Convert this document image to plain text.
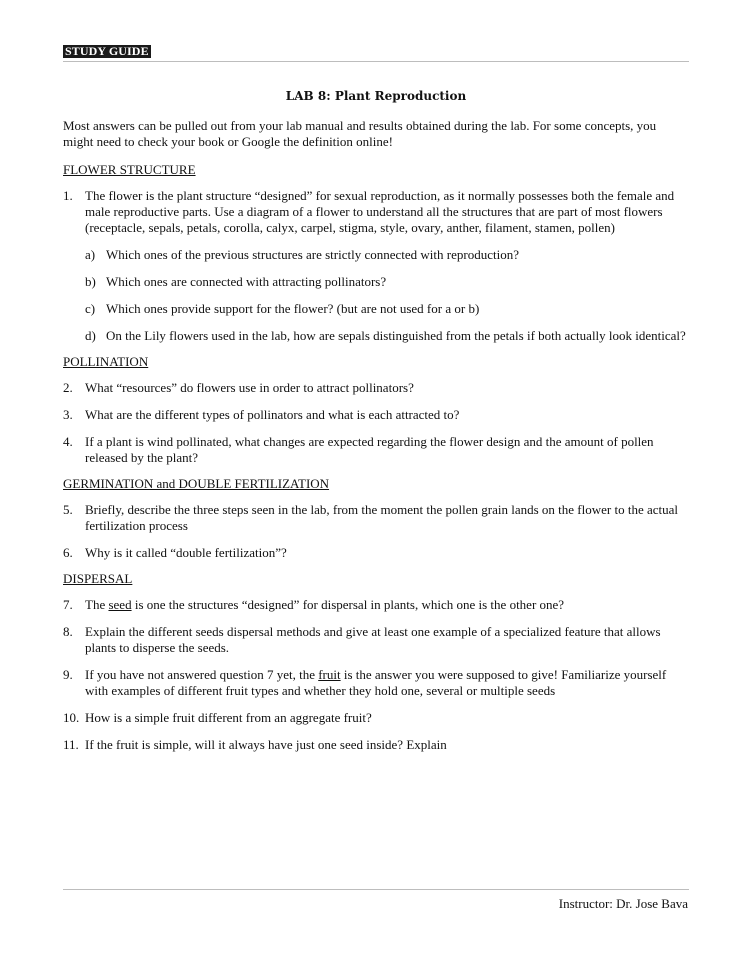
STUDY GUIDE
LAB 8: Plant Reproduction

Most answers can be pulled out from your lab manual and results obtained during the lab. For some concepts, you might need to check your book or Google the definition online!

FLOWER STRUCTURE
1. The flower is the plant structure “designed” for sexual reproduction, as it normally possesses both the female and male reproductive parts. Use a diagram of a flower to understand all the structures that are part of most flowers (receptacle, sepals, petals, corolla, calyx, carpel, stigma, style, ovary, anther, filament, stamen, pollen)
a) Which ones of the previous structures are strictly connected with reproduction?
b) Which ones are connected with attracting pollinators?
c) Which ones provide support for the flower? (but are not used for a or b)
d) On the Lily flowers used in the lab, how are sepals distinguished from the petals if both actually look identical?
POLLINATION
2. What “resources” do flowers use in order to attract pollinators?
3. What are the different types of pollinators and what is each attracted to?
4. If a plant is wind pollinated, what changes are expected regarding the flower design and the amount of pollen released by the plant?
GERMINATION and DOUBLE FERTILIZATION
5. Briefly, describe the three steps seen in the lab, from the moment the pollen grain lands on the flower to the actual fertilization process
6. Why is it called “double fertilization”?
DISPERSAL
7. The seed is one the structures “designed” for dispersal in plants, which one is the other one?
8. Explain the different seeds dispersal methods and give at least one example of a specialized feature that allows plants to disperse the seeds.
9. If you have not answered question 7 yet, the fruit is the answer you were supposed to give! Familiarize yourself with examples of different fruit types and whether they hold one, several or multiple seeds
10. How is a simple fruit different from an aggregate fruit?
11. If the fruit is simple, will it always have just one seed inside? Explain
Instructor: Dr. Jose Bava
